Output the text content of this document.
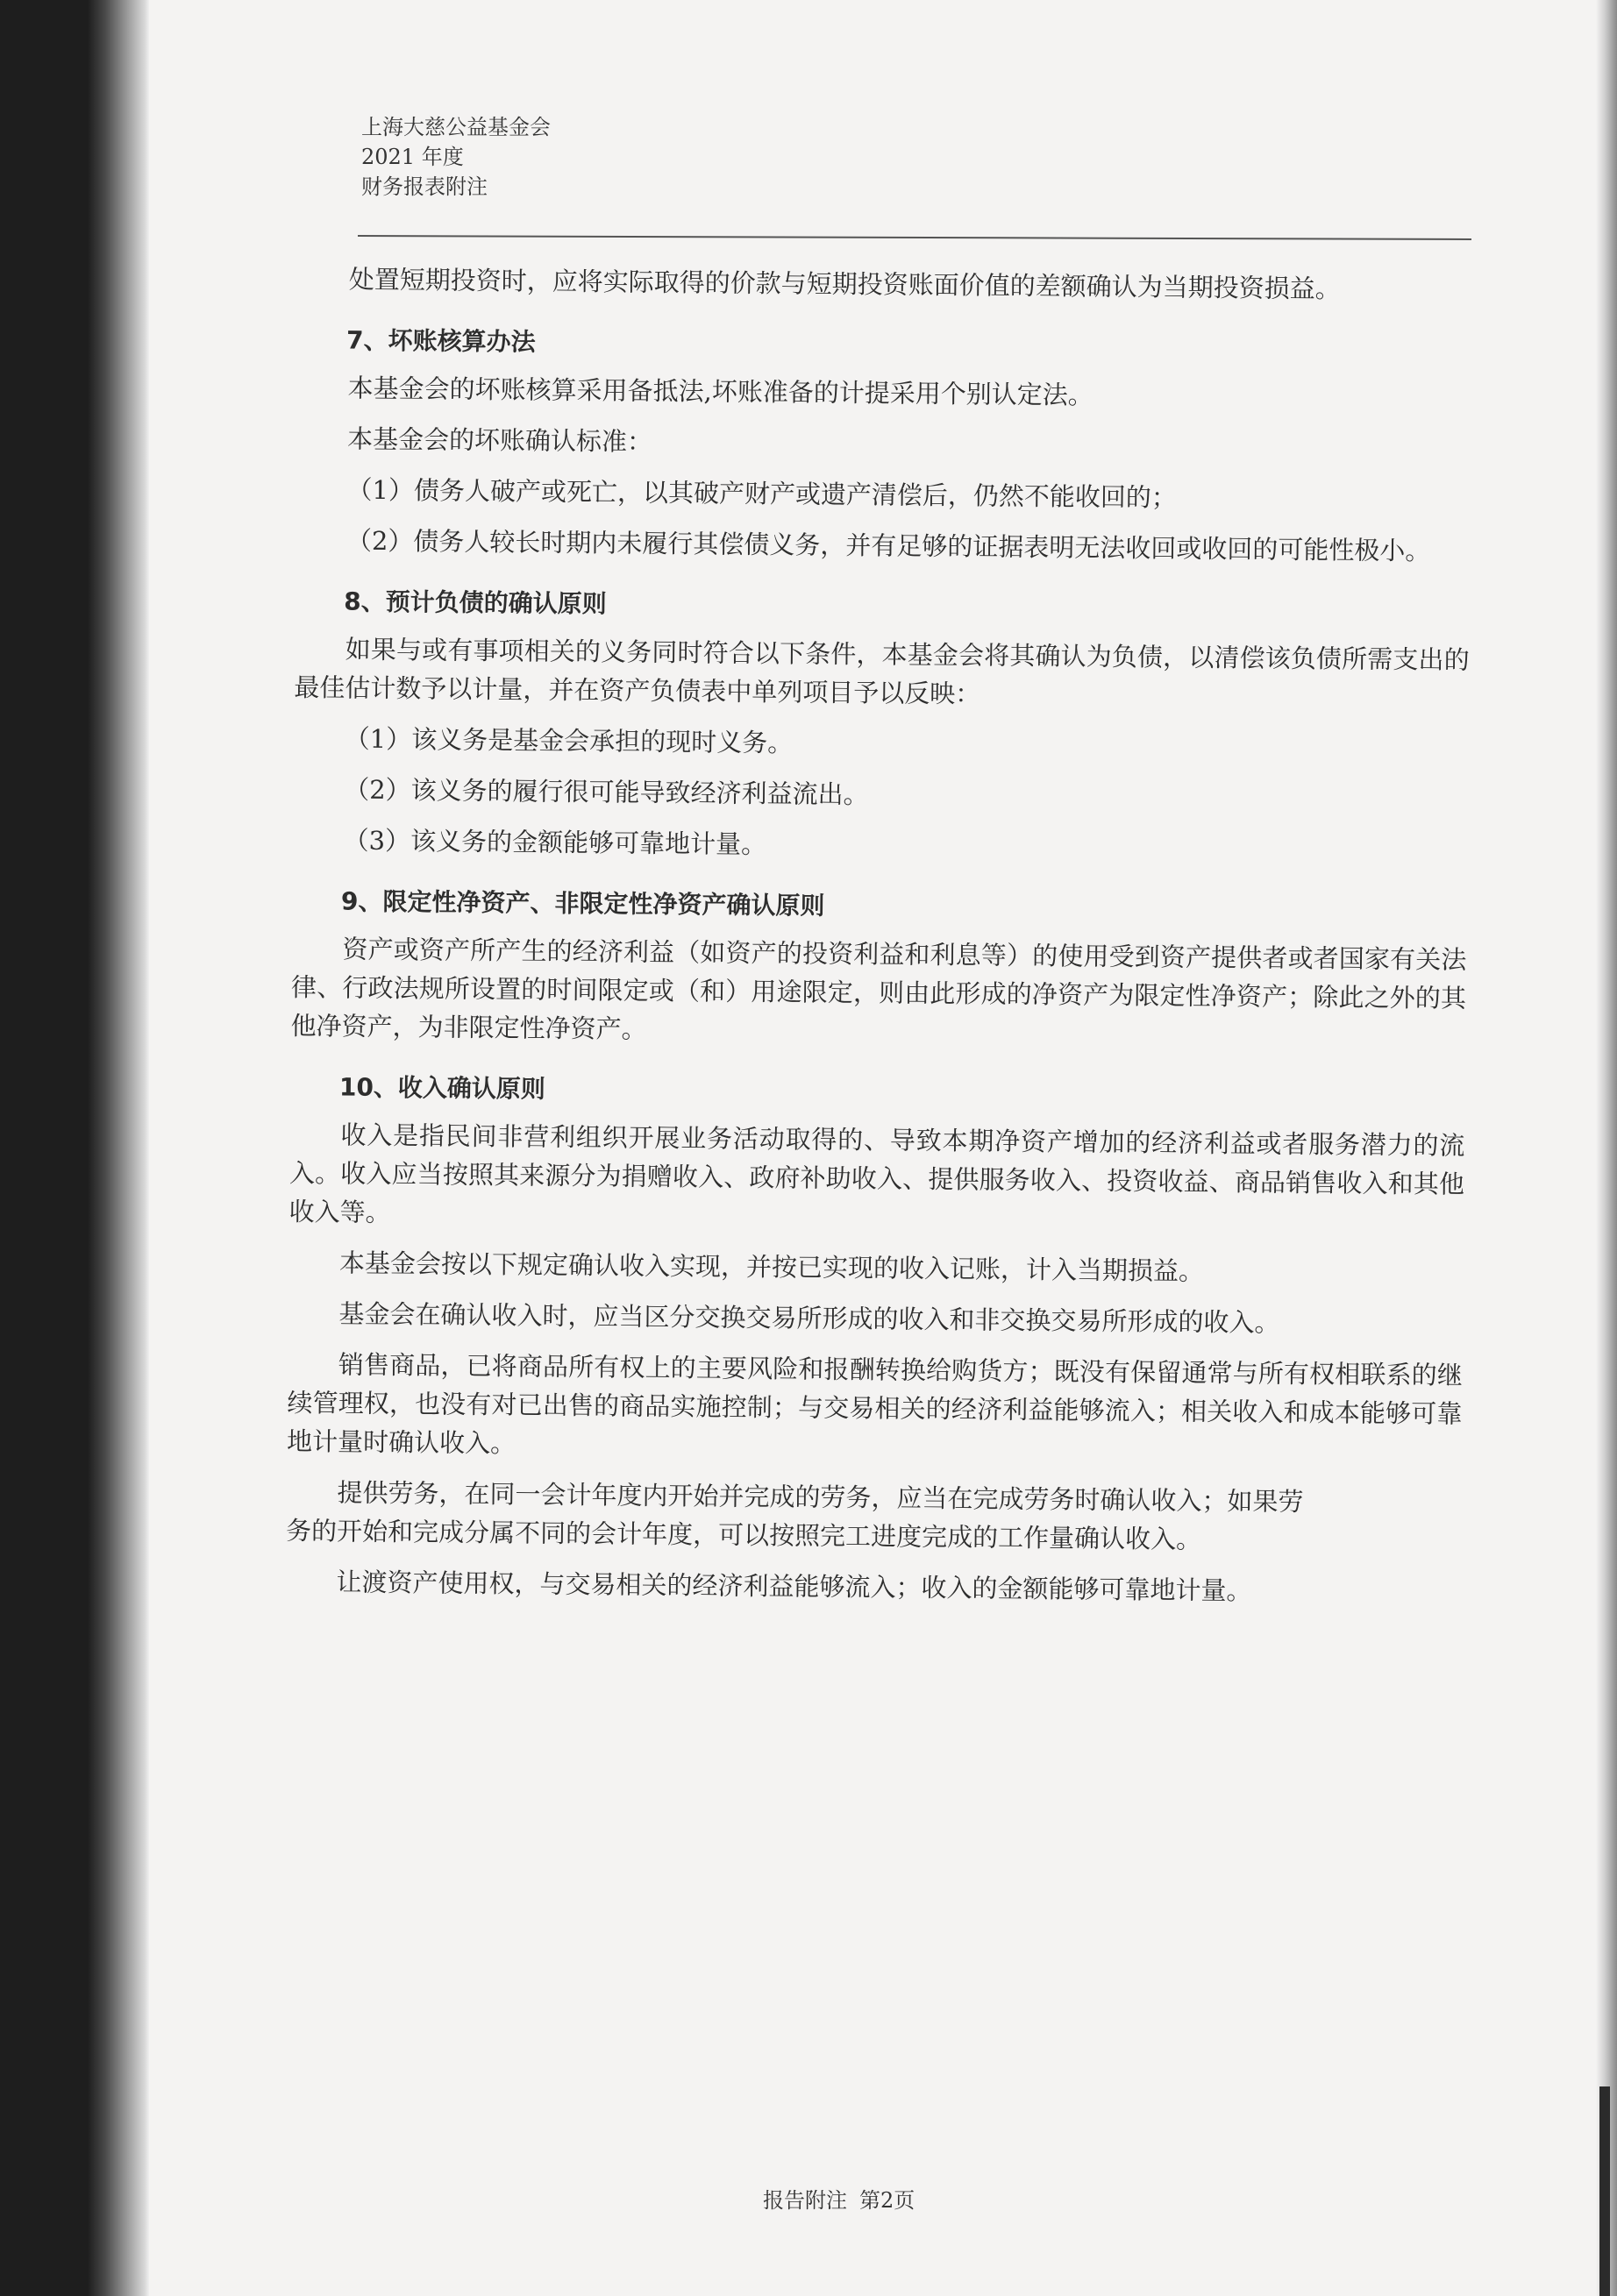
上海大慈公益基金会
2021 年度
财务报表附注

处置短期投资时，应将实际取得的价款与短期投资账面价值的差额确认为当期投资损益。

7、坏账核算办法

本基金会的坏账核算采用备抵法,坏账准备的计提采用个别认定法。

本基金会的坏账确认标准：

（1）债务人破产或死亡，以其破产财产或遗产清偿后，仍然不能收回的；

（2）债务人较长时期内未履行其偿债义务，并有足够的证据表明无法收回或收回的可能性极小。

8、预计负债的确认原则

如果与或有事项相关的义务同时符合以下条件，本基金会将其确认为负债，以清偿该负债所需支出的最佳估计数予以计量，并在资产负债表中单列项目予以反映：

（1）该义务是基金会承担的现时义务。

（2）该义务的履行很可能导致经济利益流出。

（3）该义务的金额能够可靠地计量。

9、限定性净资产、非限定性净资产确认原则

资产或资产所产生的经济利益（如资产的投资利益和利息等）的使用受到资产提供者或者国家有关法律、行政法规所设置的时间限定或（和）用途限定，则由此形成的净资产为限定性净资产；除此之外的其他净资产，为非限定性净资产。

10、收入确认原则

收入是指民间非营利组织开展业务活动取得的、导致本期净资产增加的经济利益或者服务潜力的流入。收入应当按照其来源分为捐赠收入、政府补助收入、提供服务收入、投资收益、商品销售收入和其他收入等。

本基金会按以下规定确认收入实现，并按已实现的收入记账，计入当期损益。

基金会在确认收入时，应当区分交换交易所形成的收入和非交换交易所形成的收入。

销售商品，已将商品所有权上的主要风险和报酬转换给购货方；既没有保留通常与所有权相联系的继续管理权，也没有对已出售的商品实施控制；与交易相关的经济利益能够流入；相关收入和成本能够可靠地计量时确认收入。

提供劳务，在同一会计年度内开始并完成的劳务，应当在完成劳务时确认收入；如果劳

务的开始和完成分属不同的会计年度，可以按照完工进度完成的工作量确认收入。

让渡资产使用权，与交易相关的经济利益能够流入；收入的金额能够可靠地计量。

报告附注 第2页
